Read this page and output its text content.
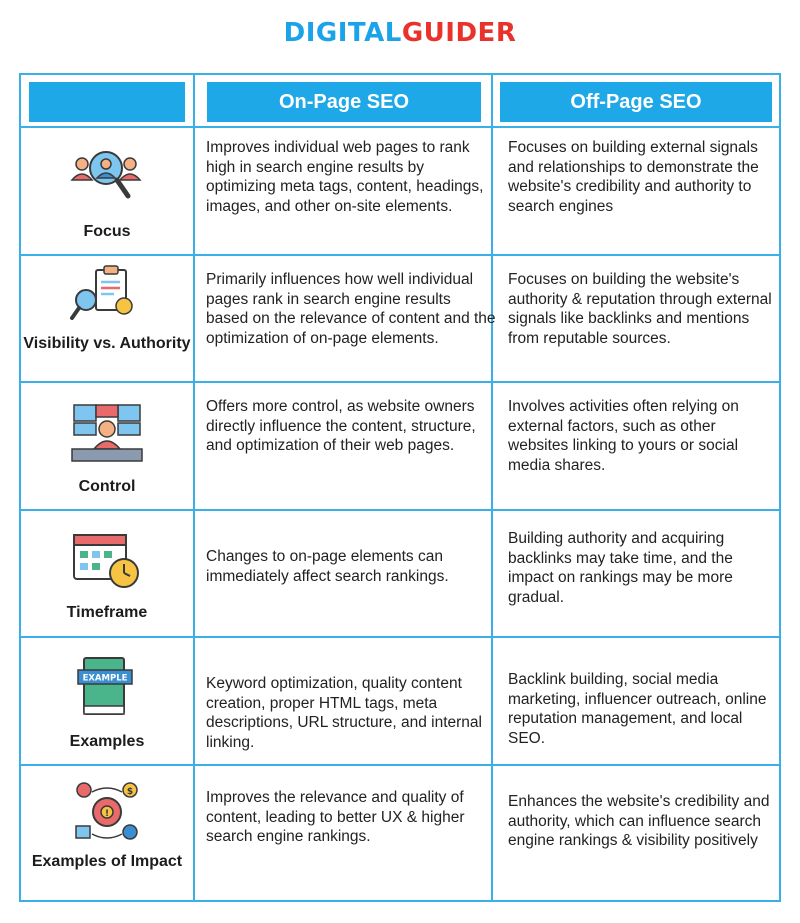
DIGITALGUIDER
On-Page SEO	Off-Page SEO
Focus
Improves individual web pages to rank high in search engine results by optimizing meta tags, content, headings, images, and other on-site elements.
Focuses on building external signals and relationships to demonstrate the website's credibility and authority to search engines
Visibility vs. Authority
Primarily influences how well individual pages rank in search engine results based on the relevance of content and the optimization of on-page elements.
Focuses on building the website's authority & reputation through external signals like backlinks and mentions from reputable sources.
Control
Offers more control, as website owners directly influence the content, structure, and optimization of their web pages.
Involves activities often relying on external factors, such as other websites linking to yours or social media shares.
Timeframe
Changes to on-page elements can immediately affect search rankings.
Building authority and acquiring backlinks may take time, and the impact on rankings may be more gradual.
EXAMPLE
Examples
Keyword optimization, quality content creation, proper HTML tags, meta descriptions, URL structure, and internal linking.
Backlink building, social media marketing, influencer outreach, online reputation management, and local SEO.
$
!
Examples of Impact
Improves the relevance and quality of content, leading to better UX & higher search engine rankings.
Enhances the website's credibility and authority, which can influence search engine rankings & visibility positively
